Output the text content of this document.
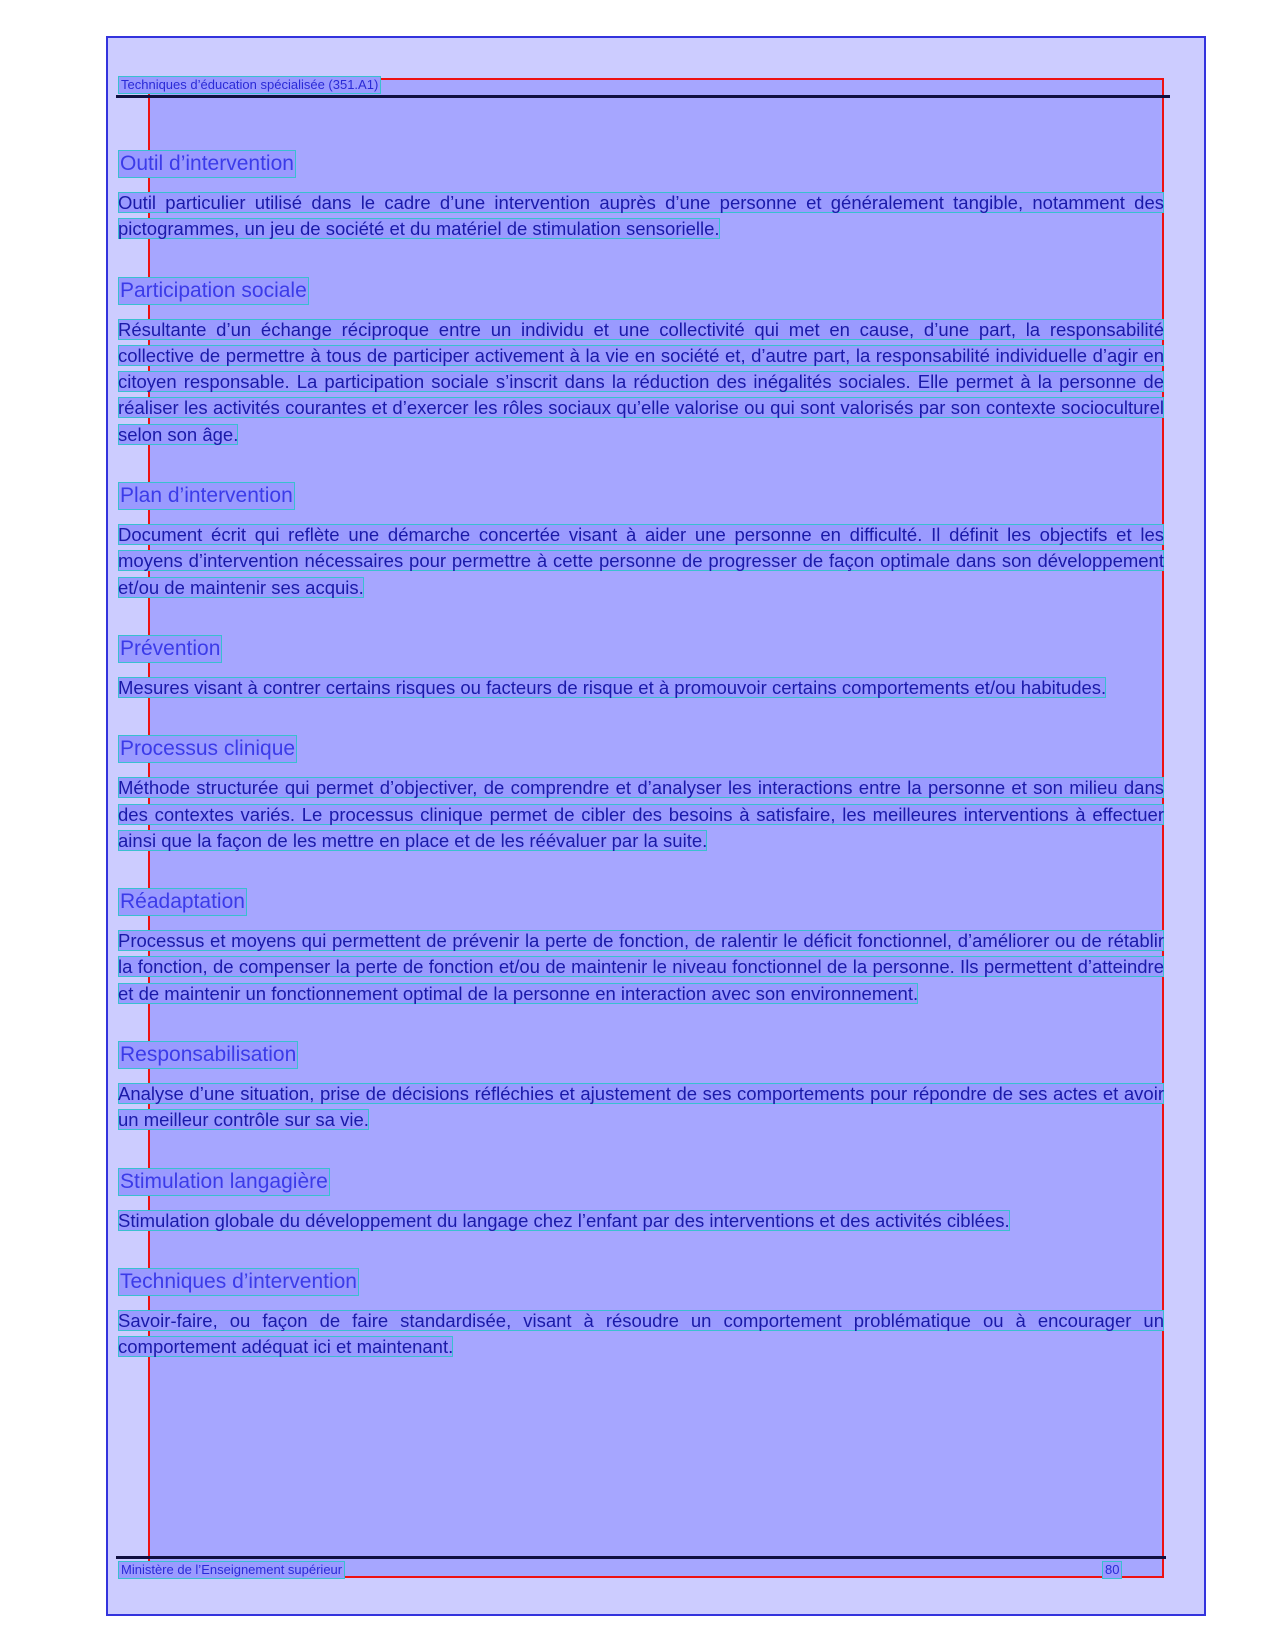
Techniques d’éducation spécialisée (351.A1)
Outil d’intervention

Outil particulier utilisé dans le cadre d’une intervention auprès d’une personne et généralement tangible, notamment des pictogrammes, un jeu de société et du matériel de stimulation sensorielle.

Participation sociale

Résultante d’un échange réciproque entre un individu et une collectivité qui met en cause, d’une part, la responsabilité collective de permettre à tous de participer activement à la vie en société et, d’autre part, la responsabilité individuelle d’agir en citoyen responsable. La participation sociale s’inscrit dans la réduction des inégalités sociales. Elle permet à la personne de réaliser les activités courantes et d’exercer les rôles sociaux qu’elle valorise ou qui sont valorisés par son contexte socioculturel selon son âge.

Plan d’intervention

Document écrit qui reflète une démarche concertée visant à aider une personne en difficulté. Il définit les objectifs et les moyens d’intervention nécessaires pour permettre à cette personne de progresser de façon optimale dans son développement et/ou de maintenir ses acquis.

Prévention

Mesures visant à contrer certains risques ou facteurs de risque et à promouvoir certains comportements et/ou habitudes.

Processus clinique

Méthode structurée qui permet d’objectiver, de comprendre et d’analyser les interactions entre la personne et son milieu dans des contextes variés. Le processus clinique permet de cibler des besoins à satisfaire, les meilleures interventions à effectuer ainsi que la façon de les mettre en place et de les réévaluer par la suite.

Réadaptation

Processus et moyens qui permettent de prévenir la perte de fonction, de ralentir le déficit fonctionnel, d’améliorer ou de rétablir la fonction, de compenser la perte de fonction et/ou de maintenir le niveau fonctionnel de la personne. Ils permettent d’atteindre et de maintenir un fonctionnement optimal de la personne en interaction avec son environnement.

Responsabilisation

Analyse d’une situation, prise de décisions réfléchies et ajustement de ses comportements pour répondre de ses actes et avoir un meilleur contrôle sur sa vie.

Stimulation langagière

Stimulation globale du développement du langage chez l’enfant par des interventions et des activités ciblées.

Techniques d’intervention

Savoir-faire, ou façon de faire standardisée, visant à résoudre un comportement problématique ou à encourager un comportement adéquat ici et maintenant.

Ministère de l’Enseignement supérieur	80
